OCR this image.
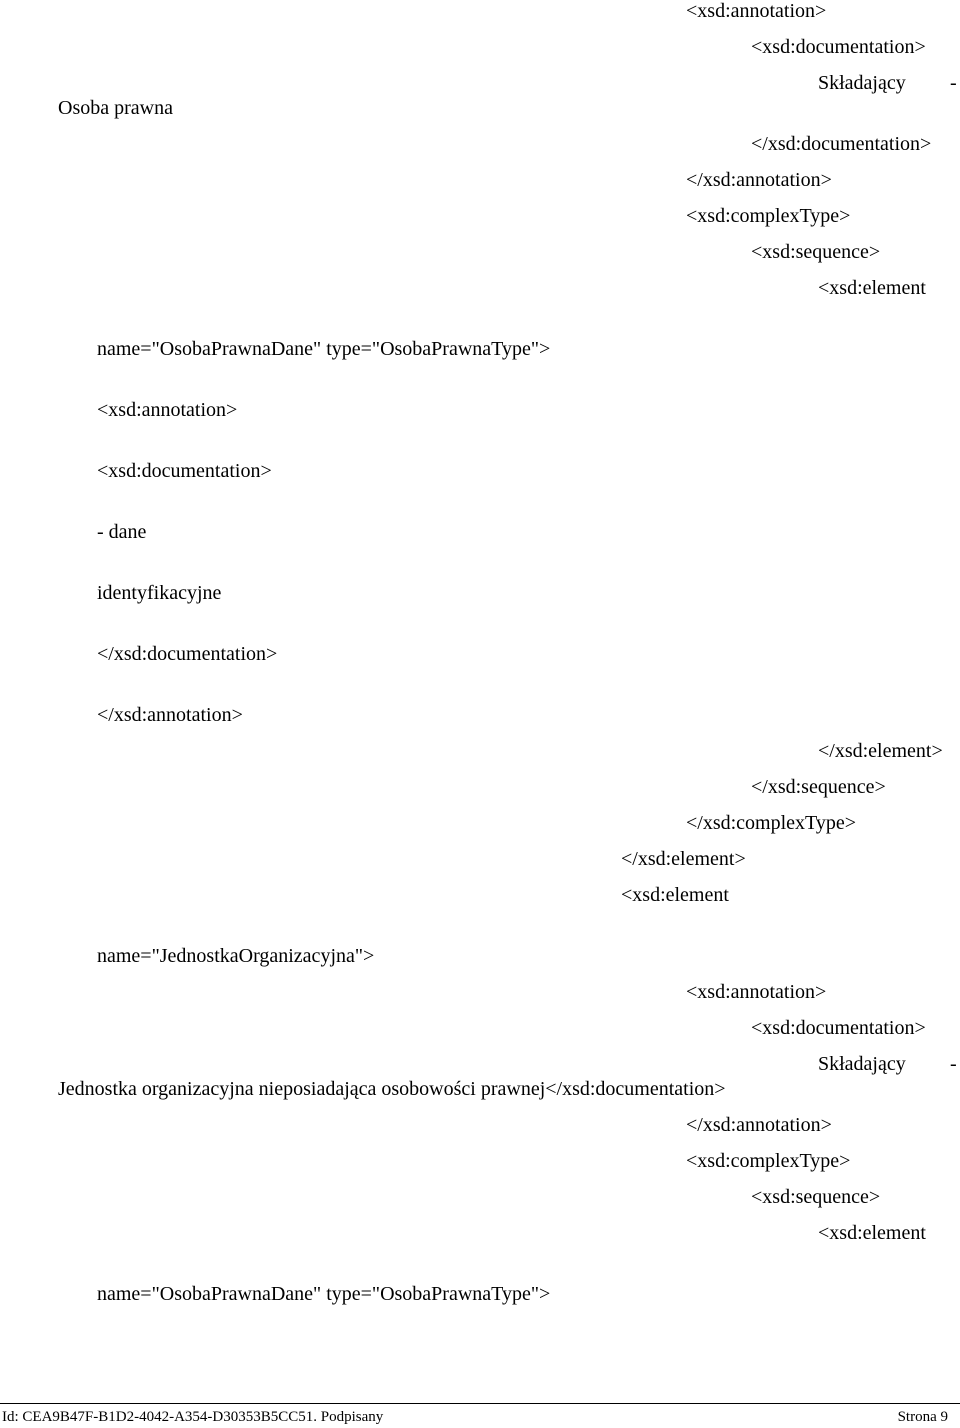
<xsd:annotation>
<xsd:documentation>
Składający -
Osoba prawna
</xsd:documentation>
</xsd:annotation>
<xsd:complexType>
<xsd:sequence>
<xsd:element
name="OsobaPrawnaDane" type="OsobaPrawnaType">
<xsd:annotation>
<xsd:documentation>
- dane
identyfikacyjne
</xsd:documentation>
</xsd:annotation>
</xsd:element>
</xsd:sequence>
</xsd:complexType>
</xsd:element>
<xsd:element
name="JednostkaOrganizacyjna">
<xsd:annotation>
<xsd:documentation>
Składający -
Jednostka organizacyjna nieposiadająca osobowości prawnej</xsd:documentation>
</xsd:annotation>
<xsd:complexType>
<xsd:sequence>
<xsd:element
name="OsobaPrawnaDane" type="OsobaPrawnaType">
Id: CEA9B47F-B1D2-4042-A354-D30353B5CC51. Podpisany	Strona 9
